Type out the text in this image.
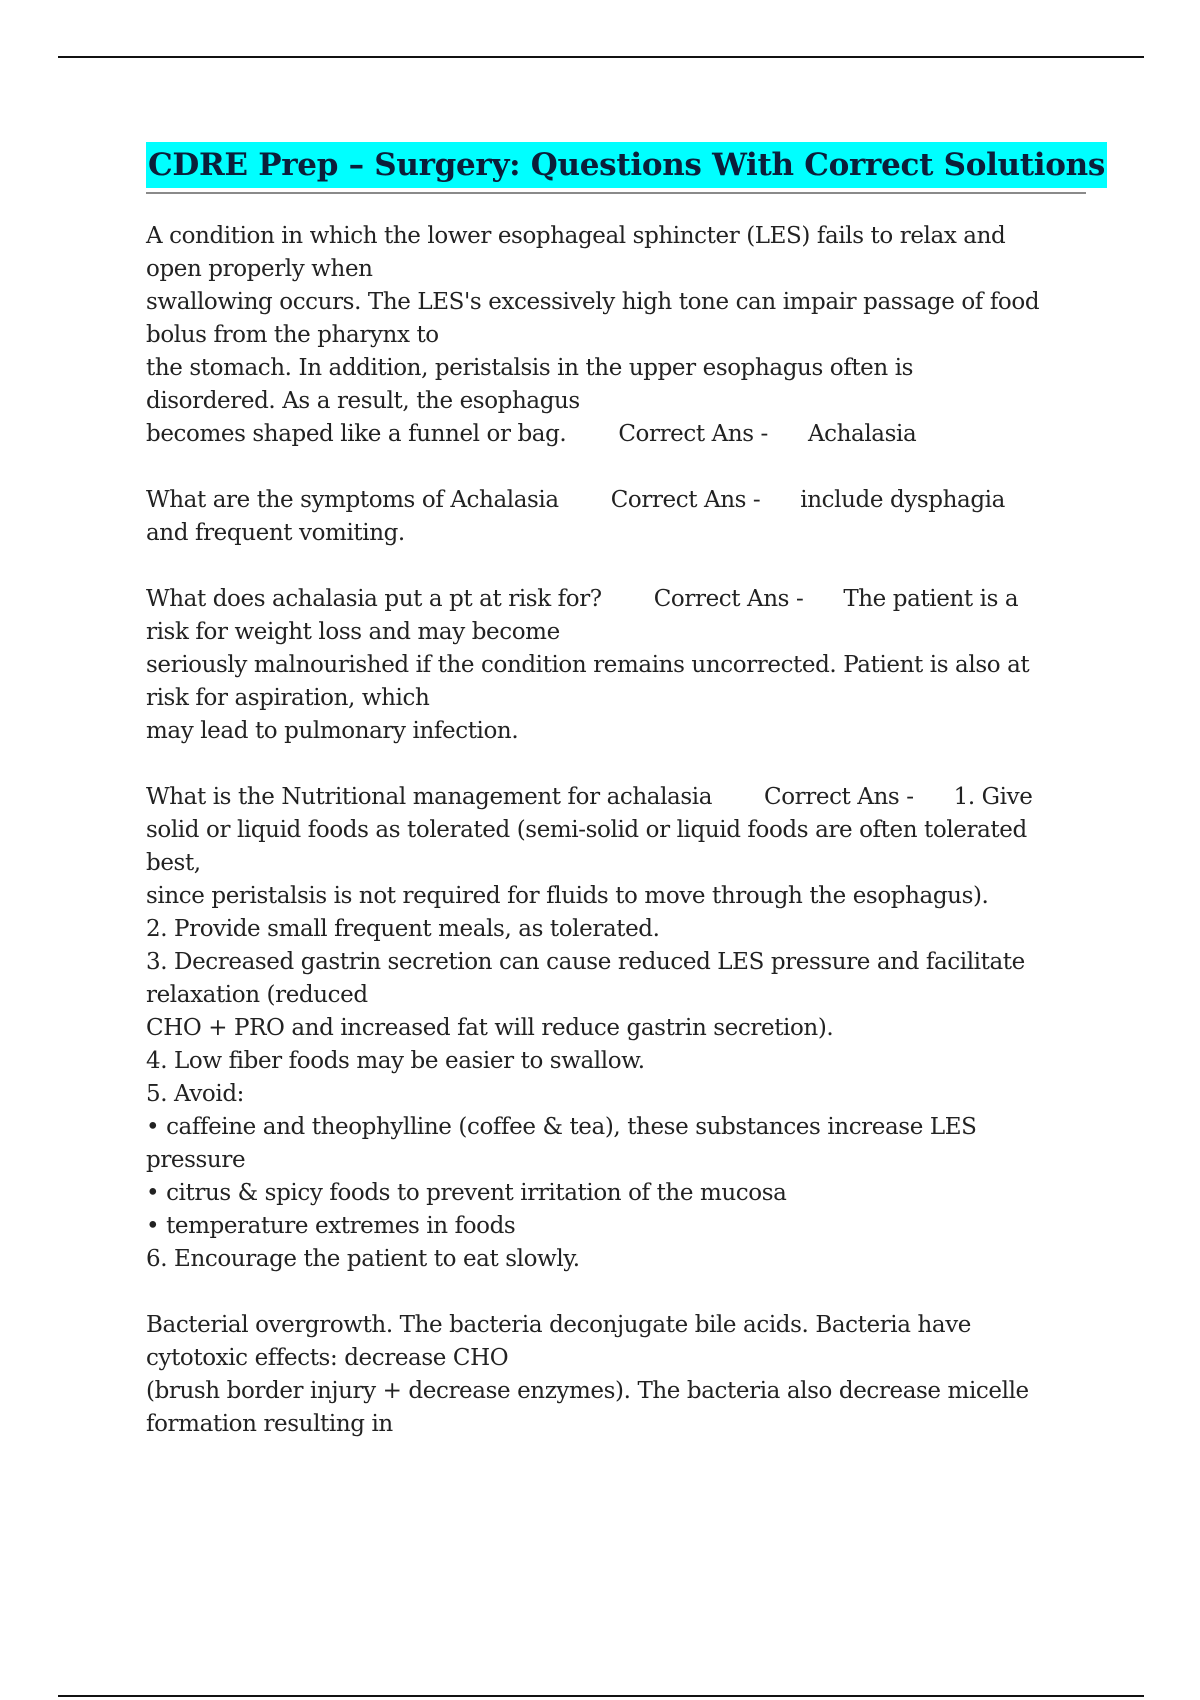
CDRE Prep – Surgery: Questions With Correct Solutions
A condition in which the lower esophageal sphincter (LES) fails to relax and
open properly when
swallowing occurs. The LES's excessively high tone can impair passage of food
bolus from the pharynx to
the stomach. In addition, peristalsis in the upper esophagus often is
disordered. As a result, the esophagus
becomes shaped like a funnel or bag. Correct Ans - Achalasia
What are the symptoms of Achalasia Correct Ans - include dysphagia
and frequent vomiting.
What does achalasia put a pt at risk for? Correct Ans - The patient is a
risk for weight loss and may become
seriously malnourished if the condition remains uncorrected. Patient is also at
risk for aspiration, which
may lead to pulmonary infection.
What is the Nutritional management for achalasia Correct Ans - 1. Give
solid or liquid foods as tolerated (semi-solid or liquid foods are often tolerated
best,
since peristalsis is not required for fluids to move through the esophagus).
2. Provide small frequent meals, as tolerated.
3. Decreased gastrin secretion can cause reduced LES pressure and facilitate
relaxation (reduced
CHO + PRO and increased fat will reduce gastrin secretion).
4. Low fiber foods may be easier to swallow.
5. Avoid:
• caffeine and theophylline (coffee & tea), these substances increase LES
pressure
• citrus & spicy foods to prevent irritation of the mucosa
• temperature extremes in foods
6. Encourage the patient to eat slowly.
Bacterial overgrowth. The bacteria deconjugate bile acids. Bacteria have
cytotoxic effects: decrease CHO
(brush border injury + decrease enzymes). The bacteria also decrease micelle
formation resulting in
